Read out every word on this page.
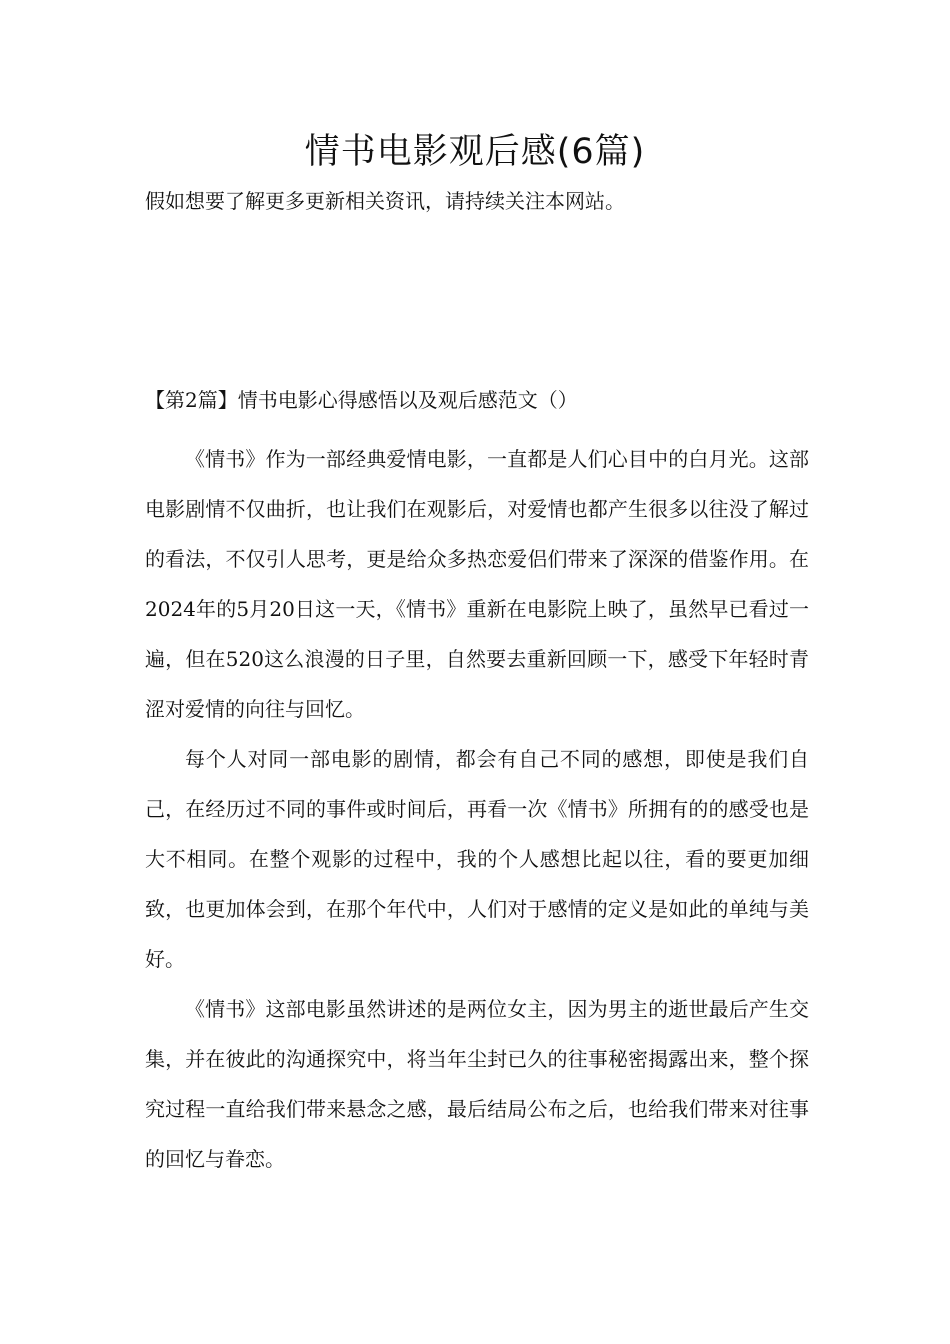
情书电影观后感(6篇)

假如想要了解更多更新相关资讯，请持续关注本网站。

【第2篇】情书电影心得感悟以及观后感范文（）

《情书》作为一部经典爱情电影，一直都是人们心目中的白月光。这部电影剧情不仅曲折，也让我们在观影后，对爱情也都产生很多以往没了解过的看法，不仅引人思考，更是给众多热恋爱侣们带来了深深的借鉴作用。在2024年的5月20日这一天，《情书》重新在电影院上映了，虽然早已看过一遍，但在520这么浪漫的日子里，自然要去重新回顾一下，感受下年轻时青涩对爱情的向往与回忆。

每个人对同一部电影的剧情，都会有自己不同的感想，即使是我们自己，在经历过不同的事件或时间后，再看一次《情书》所拥有的的感受也是大不相同。在整个观影的过程中，我的个人感想比起以往，看的要更加细致，也更加体会到，在那个年代中，人们对于感情的定义是如此的单纯与美好。

《情书》这部电影虽然讲述的是两位女主，因为男主的逝世最后产生交集，并在彼此的沟通探究中，将当年尘封已久的往事秘密揭露出来，整个探究过程一直给我们带来悬念之感，最后结局公布之后，也给我们带来对往事的回忆与眷恋。
